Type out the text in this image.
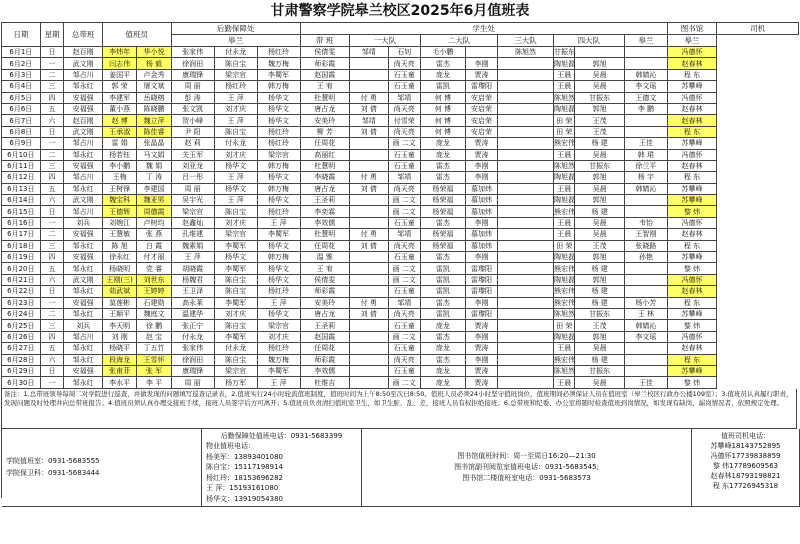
甘肃警察学院皋兰校区2025年6月值班表
日期	星期	总带班	值班员		后勤保障处			学生处									图书馆	司机
					皋兰			带 班	一大队		二大队		三大队	四大队		皋兰	皋兰	
6月1日	日	赵百刚	李炜年	华小悦	张家伟	付永龙	杨红玲	侯倩雯	邹靖	石钊	毛小鹏		陈旭然	甘振东			冯德怀	
6月2日	一	武文刚	闫志伟	杨 毅	徐润田	陈自宝	魏万梅	师彩霞		尚天亮	雷杰	李刚		陶旭磊	郭旭		赵春林	
6月3日	二	邹占川	姜国平	卢金秀	康瑞锋	梁宗官	李蜀军	赵国霞		石玉童	庞龙	贾涛		王晨	吴晨	韩婧沁	程 东	
6月4日	三	邹永红	郭 荣	屠文斌	周 丽	杨红玲	韩万梅	王 宥		石玉童	雷凯	雷瓈阳		王晨	吴晨	李文瑶	苏攀峰	
6月5日	四	安福强	李建军	岳晓榕	彭 涛	王 萍	杨华文	杜慧明	付 勇	邹靖	何 博	安启荣		陈旭然	甘振东	王德文	冯德怀	
6月6日	五	安福强	董小燕	陈晓鹏	张文凯	刘才庆	杨华文	唐占龙	刘 倩	尚天亮	何 博	安启荣		陶旭磊	郭旭	李 鹏	赵春林	
6月7日	六	赵百刚	赵 博	魏立萍	贺小峰	王 萍	杨华文	安美玲	邹靖	付雪荣	何 博	安启荣		田 荣	王茂		赵春林	
6月8日	日	武文刚	王承淑	陈佳睿	尹 阳	陈自宝	杨红玲	柳 芳	刘 倩	尚天亮	何 博	安启荣		田 荣	王茂		程 东	
6月9日	一	邹占川	雷 娟	张晶晶	赵 莉	付永龙	杨红玲	任周花		画 二文	庞龙	贾涛		熊宏伟	杨 建	王佳	苏攀峰	
6月10日	二	邹永红	杨若钰	马文娟	关玉军	刘才庆	梁宗官	高丽红		石玉童	庞龙	贾涛		王晨	吴晨	韩 珺	冯德怀	
6月11日	三	安福强	李小鹏	魏 娟	刘亚龙	杨华文	韩万梅	杜慧明		石玉童	雷杰	李刚		陈旭然	甘振东	徐兰平	赵春林	
6月12日	四	邹占川	王梅	丁 涛	吕一彤	王 萍	杨华文	李晓霞	付 勇	邹靖	雷杰	李刚		陶旭磊	郭旭	杨 宇	程 东	
6月13日	五	邹永红	王树锋	李建国	周 丽	杨华文	韩万梅	唐占龙	刘 倩	尚天亮	杨荣福	慕加炜		王晨	吴晨	韩婧沁	苏攀峰	
6月14日	六	武文刚	魏宝科	魏亚男	吴宇光	王 萍	杨华文	王圣莉		画 二文	杨荣福	慕加炜		陶旭磊	郭旭		苏攀峰	
6月15日	日	邹占川	王德辉	周德霞	梁宗官	陈自宝	杨红玲	李奕霖		画 二文	杨荣福	慕加炜		熊宏伟	杨 建		黎 炜	
6月16日	一	刘兵	刘婉江	卢树均	赵鑫灿	刘才庆	王 萍	李效儒		石玉童	雷杰	李刚		王晨	吴晨	韦怡	冯德怀	
6月17日	二	安福强	王慧敏	张 燕	孔维建	梁宗官	李蜀军	杜慧明	付 勇	邹靖	杨荣福	慕加炜		王晨	吴晨	王智刚	赵春林	
6月18日	三	邹永红	陈 旭	白 霞	魏素娟	李蜀军	杨华文	任周花	刘 倩	尚天亮	杨荣福	慕加炜		田 荣	王茂	张晓路	程 东	
6月19日	四	安福强	徐永红	付才丽	王 萍	杨华文	韩万梅	温 雅		石玉童	雷杰	李刚		陶旭磊	郭旭	孙艳	苏攀峰	
6月20日	五	邹永红	杨晓明	党 睿	胡晓霞	李蜀军	杨华文	王 宥		画 二文	雷凯	雷瓈阳		熊宏伟	杨 建		黎 炜	
6月21日	六	武文刚	王刚(三)	刘世东	杨魏君	陈自宝	杨华文	侯倩雯		画 二文	雷凯	雷瓈阳		陶旭磊	郭旭		冯德怀	
6月22日	日	邹永红	茹武斌	王婷婷	王卫泽	陈自宝	杨红玲	师彩霞		石玉童	雷凯	雷瓈阳		熊宏伟	杨 建		赵春林	
6月23日	一	安福强	莫莲彬	石建勋	高永莱	李蜀军	王 萍	安美玲	付 勇	邹靖	雷杰	李刚		熊宏伟	杨 建	杨小芳	程 东	
6月24日	二	邹永红	王顺平	魏庭文	温建华	刘才庆	杨华文	唐占龙	刘 倩	尚天亮	雷凯	雷瓈阳		陈旭然	甘振东	王 林	苏攀峰	
6月25日	三	刘兵	李天明	徐 鹏	张正宁	陈自宝	梁宗官	王圣莉		石玉童	庞龙	贾涛		田 荣	王茂	韩婧沁	黎 炜	
6月26日	四	邹占川	刘 刚	赵 宝	付永龙	李蜀军	刘才庆	赵国霞		画 二文	雷杰	李刚		陶旭磊	郭旭	李文瑶	冯德怀	
6月27日	五	邹永红	杨晓平	丁五竹	张家伟	付永龙	杨红玲	任周花		石玉童	庞龙	贾涛		王晨	吴晨		赵春林	
6月28日	六	邹永红	段海龙	王雪怀	徐润田	陈自宝	魏万梅	师彩霞		尚天亮	雷杰	李刚		熊宏伟	杨 建		程 东	
6月29日	日	安福强	张甫菲	张 军	康瑞锋	梁宗官	李蜀军	李效儒		石玉童	庞龙	贾涛		陈旭然	甘振东		苏攀峰	
6月30日	一	邹永红	李水平	李 平	周 丽	杨万军	王 萍	杜维吉		画 二文	庞龙	贾涛		王晨	吴晨	王佳	黎 炜	
备注：1.总带班领导每周二对学院进行巡查，并做发现的问题填写巡查记录表，2.值班实行24小时轮流值班制度，值班时间为上午8:50至次日8:50。值班人员必须24小时坚守值班岗位，值班期间必须保证人员在值班室（皋兰校区行政办公楼109室）；3.值班员认真履行职责，发现问题及时处理并向总带班报告；4.值班员须认真办理交接班手续，接班人员签字后方可离开；5.值班员负责清扫值班室卫生，如卫生脏、乱、差，接班人员有权拒绝接班；6.总带班和纪委、办公室将随时检查值班到岗情况，如发现有缺岗、漏岗情况者，依照规定处理。
学院值班室：0931-5683555
学院保卫科：0931-5683444
后勤保障处值班电话：0931-5683399
物业值班电话：
杨美军：13893401080
陈自宝：15117198914
杨红玲：18153696282
王 萍：15193161080
杨华文：13919054380
图书馆值班时间：周一至周日16:20—21:30
图书馆副刊阅览室值班电话：0931-5683545;
图书馆二楼值班室电话：0931-5683573
值班司机电话：
苏攀峰18143752895
冯德怀17739838859
黎 炜17789609563
赵春林18793198821
程 东17726945318
